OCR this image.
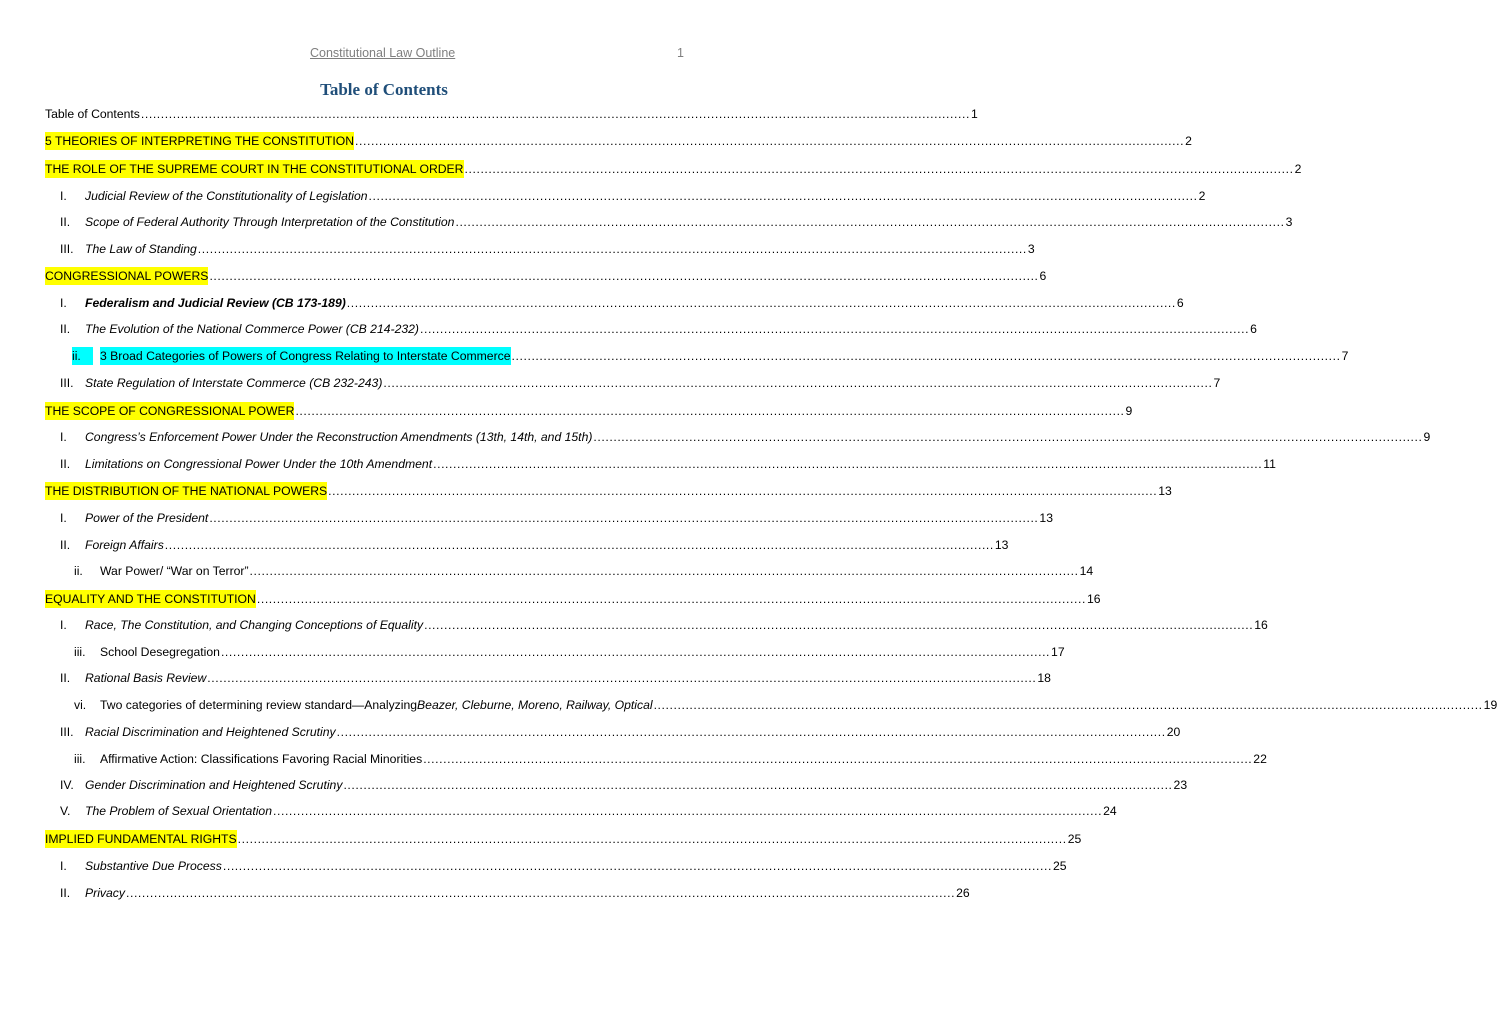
Constitutional Law Outline	1
Table of Contents
Table of Contents ................................................................................................................................................................................................................ 1
5 THEORIES OF INTERPRETING THE CONSTITUTION ................................................................................................................................................................................................................ 2
THE ROLE OF THE SUPREME COURT IN THE CONSTITUTIONAL ORDER ................................................................................................................................................................................................................ 2
I. Judicial Review of the Constitutionality of Legislation ................................................................................................................................................................................................................ 2
II. Scope of Federal Authority Through Interpretation of the Constitution ................................................................................................................................................................................................................ 3
III. The Law of Standing ................................................................................................................................................................................................................ 3
CONGRESSIONAL POWERS ................................................................................................................................................................................................................ 6
I. Federalism and Judicial Review (CB 173-189) ................................................................................................................................................................................................................ 6
II. The Evolution of the National Commerce Power (CB 214-232) ................................................................................................................................................................................................................ 6
ii.	3 Broad Categories of Powers of Congress Relating to Interstate Commerce ................................................................................................................................................................................................................ 7
III. State Regulation of Interstate Commerce (CB 232-243) ................................................................................................................................................................................................................ 7
THE SCOPE OF CONGRESSIONAL POWER ................................................................................................................................................................................................................ 9
I. Congress’s Enforcement Power Under the Reconstruction Amendments (13th, 14th, and 15th) ................................................................................................................................................................................................................ 9
II. Limitations on Congressional Power Under the 10th Amendment ................................................................................................................................................................................................................ 11
THE DISTRIBUTION OF THE NATIONAL POWERS ................................................................................................................................................................................................................ 13
I. Power of the President ................................................................................................................................................................................................................ 13
II. Foreign Affairs ................................................................................................................................................................................................................ 13
ii. War Power/ “War on Terror” ................................................................................................................................................................................................................ 14
EQUALITY AND THE CONSTITUTION ................................................................................................................................................................................................................ 16
I. Race, The Constitution, and Changing Conceptions of Equality ................................................................................................................................................................................................................ 16
iii. School Desegregation ................................................................................................................................................................................................................ 17
II. Rational Basis Review ................................................................................................................................................................................................................ 18
vi. Two categories of determining review standard—Analyzing Beazer, Cleburne, Moreno, Railway, Optical ................................................................................................................................................................................................................ 19
III. Racial Discrimination and Heightened Scrutiny ................................................................................................................................................................................................................ 20
iii. Affirmative Action: Classifications Favoring Racial Minorities ................................................................................................................................................................................................................ 22
IV. Gender Discrimination and Heightened Scrutiny ................................................................................................................................................................................................................ 23
V. The Problem of Sexual Orientation ................................................................................................................................................................................................................ 24
IMPLIED FUNDAMENTAL RIGHTS ................................................................................................................................................................................................................ 25
I. Substantive Due Process ................................................................................................................................................................................................................ 25
II. Privacy ................................................................................................................................................................................................................ 26
